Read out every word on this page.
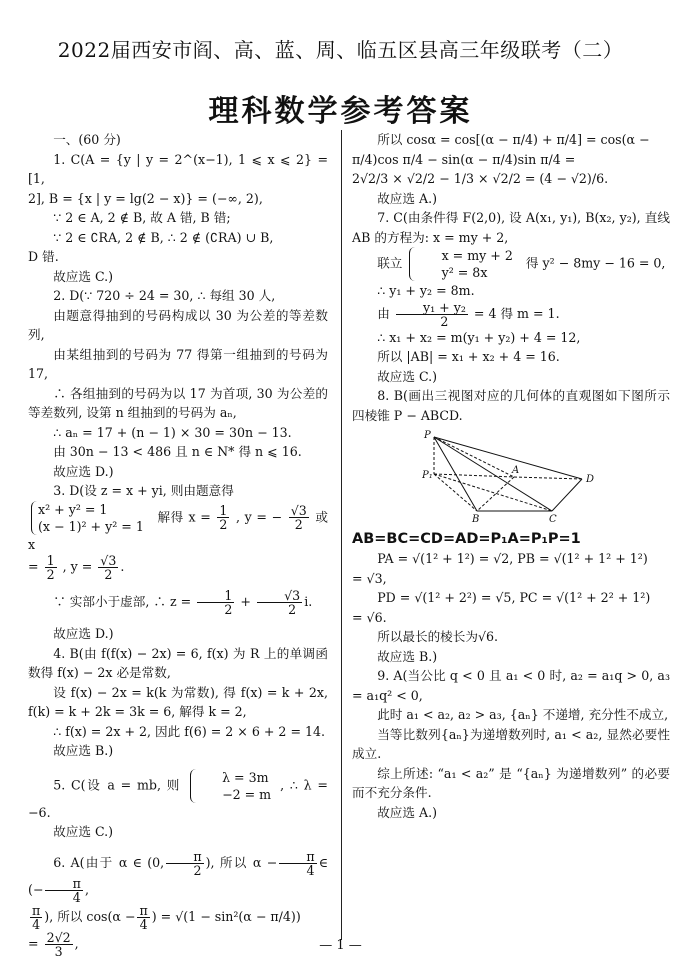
2022届西安市阎、高、蓝、周、临五区县高三年级联考（二）
理科数学参考答案

一、(60 分)

1. C(A = {y | y = 2^(x−1), 1 ⩽ x ⩽ 2} = [1,

2], B = {x | y = lg(2 − x)} = (−∞, 2),

∵ 2 ∈ A, 2 ∉ B, 故 A 错, B 错;

∵ 2 ∈ ∁RA, 2 ∉ B, ∴ 2 ∉ (∁RA) ∪ B,

D 错.

故应选 C.)

2. D(∵ 720 ÷ 24 = 30, ∴ 每组 30 人,

由题意得抽到的号码构成以 30 为公差的等差数列,

由某组抽到的号码为 77 得第一组抽到的号码为 17,

∴ 各组抽到的号码为以 17 为首项, 30 为公差的等差数列, 设第 n 组抽到的号码为 aₙ,

∴ aₙ = 17 + (n − 1) × 30 = 30n − 13.

由 30n − 13 < 486 且 n ∈ N* 得 n ⩽ 16.

故应选 D.)

3. D(设 z = x + yi, 则由题意得

x² + y² = 1
(x − 1)² + y² = 1
解得 $x = \frac{1}{2}$ , y = − $\frac{√3}{2}$ 或 x

= $\frac{1}{2}$ , $y = \frac{√3}{2}$ .

∵ 实部小于虚部, ∴ $z = \frac{1}{2} + \frac{√3}{2} i$.

故应选 D.)

4. B(由 f(f(x) − 2x) = 6, f(x) 为 R 上的单调函数得 f(x) − 2x 必是常数,

设 f(x) − 2x = k(k 为常数), 得 f(x) = k + 2x, f(k) = k + 2k = 3k = 6, 解得 k = 2,

∴ f(x) = 2x + 2, 因此 f(6) = 2 × 6 + 2 = 14.

故应选 B.)

5. C(设 a = mb, 则	λ = 3m
−2 = m
, ∴ λ = −6.

故应选 C.)

6. A(由于 α ∈ (0, $\frac{\pi}{2}$ ), 所以 $\alpha - \frac{\pi}{4}$ ∈ (− $\frac{\pi}{4}$ ,

$\frac{\pi}{4}$ ), 所以 $\cos(\alpha - \frac{\pi}{4}$ ) = √(1 − sin²(α − π/4))

= $\frac{2√2}{3}$ ,

所以 cosα = cos[(α − π/4) + π/4] = cos(α −

π/4)cos π/4 − sin(α − π/4)sin π/4 =

2√2/3 × √2/2 − 1/3 × √2/2 = (4 − √2)/6.

故应选 A.)

7. C(由条件得 F(2,0), 设 A(x₁, y₁), B(x₂, y₂), 直线 AB 的方程为: x = my + 2,

联立	x = my + 2
y² = 8x
得 y² − 8my − 16 = 0,

∴ y₁ + y₂ = 8m.

由 $\frac{\text{y₁ + y₂}}{2} = 4$ 得 m = 1.

∴ x₁ + x₂ = m(y₁ + y₂) + 4 = 12,

所以 |AB| = x₁ + x₂ + 4 = 16.

故应选 C.)

8. B(画出三视图对应的几何体的直观图如下图所示四棱锥 P − ABCD.

P
P₁	A
B	C
D

AB=BC=CD=AD=P₁A=P₁P=1

PA = √(1² + 1²) = √2, PB = √(1² + 1² + 1²)

= √3,

PD = √(1² + 2²) = √5, PC = √(1² + 2² + 1²)

= √6.

所以最长的棱长为√6.

故应选 B.)

9. A(当公比 q < 0 且 a₁ < 0 时, a₂ = a₁q > 0, a₃ = a₁q² < 0,

此时 a₁ < a₂, a₂ > a₃, {aₙ} 不递增, 充分性不成立,

当等比数列{aₙ}为递增数列时, a₁ < a₂, 显然必要性成立.

综上所述: “a₁ < a₂” 是 “{aₙ} 为递增数列” 的必要而不充分条件.

故应选 A.)

— 1 —
